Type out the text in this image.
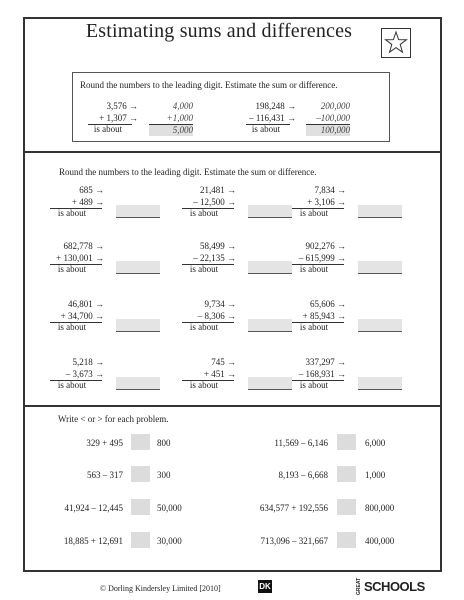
Estimating sums and differences
Round the numbers to the leading digit. Estimate the sum or difference.
Round the numbers to the leading digit. Estimate the sum or difference.
Write < or > for each problem.
© Dorling Kindersley Limited [2010]	DK	GREAT SCHOOLS
3,576 →
+ 1,307 →
is about
4,000
+1,000
5,000
198,248 →
– 116,431 →
is about
200,000
–100,000
100,000
685 →
+ 489 →
is about
21,481 →
– 12,500 →
is about
7,834 →
+ 3,106 →
is about
682,778 →
+ 130,001 →
is about
58,499 →
– 22,135 →
is about
902,276 →
– 615,999 →
is about
46,801 →
+ 34,700 →
is about
9,734 →
– 8,306 →
is about
65,606 →
+ 85,943 →
is about
5,218 →
– 3,673 →
is about
745 →
+ 451 →
is about
337,297 →
– 168,931 →
is about
329 + 495	800	11,569 – 6,146	6,000
563 – 317	300	8,193 – 6,668	1,000
41,924 – 12,445	50,000	634,577 + 192,556	800,000
18,885 + 12,691	30,000	713,096 – 321,667	400,000
